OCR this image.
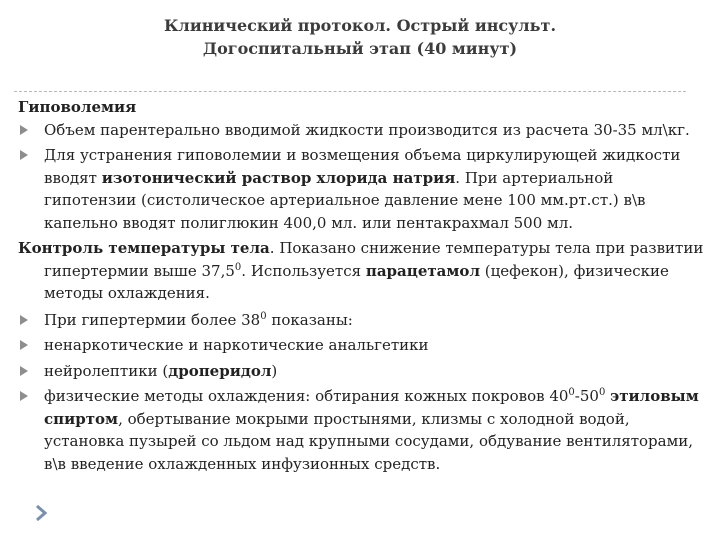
Клинический протокол. Острый инсульт.
Догоспитальный этап (40 минут)

Гиповолемия

Объем парентерально вводимой жидкости производится из расчета 30-35 мл\кг.
Для устранения гиповолемии и возмещения объема циркулирующей жидкости вводят изотонический раствор хлорида натрия. При артериальной гипотензии (систолическое артериальное давление мене 100 мм.рт.ст.) в\в капельно вводят полиглюкин 400,0 мл. или пентакрахмал 500 мл.

Контроль температуры тела. Показано снижение температуры тела при развитии гипертермии выше 37,5$^0$. Используется парацетамол (цефекон), физические методы охлаждения.

При гипертермии более $38^0$ показаны:
ненаркотические и наркотические анальгетики
нейролептики (дроперидол)
физические методы охлаждения: обтирания кожных покровов $40^0-50^0$ этиловым спиртом, обертывание мокрыми простынями, клизмы с холодной водой, установка пузырей со льдом над крупными сосудами, обдувание вентиляторами, в\в введение охлажденных инфузионных средств.
